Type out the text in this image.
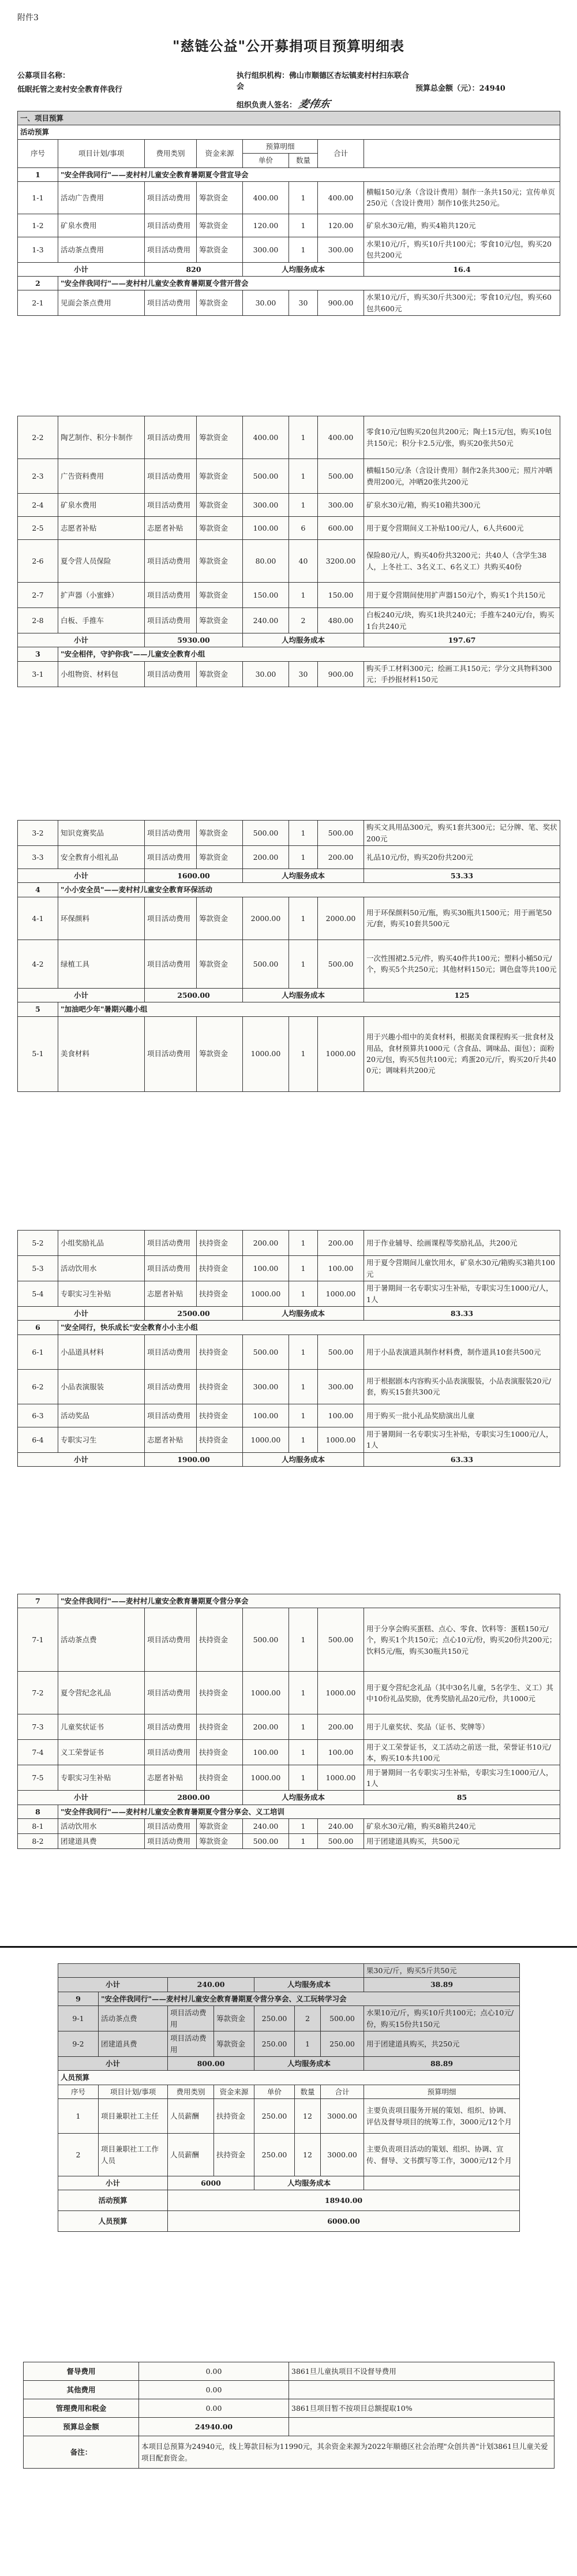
附件3
"慈链公益"公开募捐项目预算明细表
公募项目名称：
低眠托管之麦村安全教育伴我行
执行组织机构：佛山市顺德区杏坛镇麦村村扫东联合会
组织负责人签名：麦伟东
预算总金额（元）：24940
一、项目预算							
活动预算							
序号	项目计划/事项	费用类别	资金来源	预算明细		合计	
				单价	数量		
1	"安全伴我同行"——麦村村儿童安全教育暑期夏令营宣导会						
1-1	活动广告费用	项目活动费用	筹款资金	400.00	1	400.00	横幅150元/条（含设计费用）制作一条共150元；宣传单页250元（含设计费用）制作10张共250元。
1-2	矿泉水费用	项目活动费用	筹款资金	120.00	1	120.00	矿泉水30元/箱，购买4箱共120元
1-3	活动茶点费用	项目活动费用	筹款资金	300.00	1	300.00	水果10元/斤，购买10斤共100元；零食10元/包，购买20包共200元
小计		820		人均服务成本			16.4
2	"安全伴我同行"——麦村村儿童安全教育暑期夏令营开营会						
2-1	见面会茶点费用	项目活动费用	筹款资金	30.00	30	900.00	水果10元/斤，购买30斤共300元；零食10元/包，购买60包共600元
2-2	陶艺制作、积分卡制作	项目活动费用	筹款资金	400.00	1	400.00	零食10元/包购买20包共200元；陶土15元/包，购买10包共150元；积分卡2.5元/张，购买20张共50元
2-3	广告资料费用	项目活动费用	筹款资金	500.00	1	500.00	横幅150元/条（含设计费用）制作2条共300元；照片冲晒费用200元，冲晒20张共200元
2-4	矿泉水费用	项目活动费用	筹款资金	300.00	1	300.00	矿泉水30元/箱，购买10箱共300元
2-5	志愿者补贴	志愿者补贴	筹款资金	100.00	6	600.00	用于夏令营期间义工补贴100元/人，6人共600元
2-6	夏令营人员保险	项目活动费用	筹款资金	80.00	40	3200.00	保险80元/人，购买40份共3200元；共40人（含学生38人，上冬社工、3名义工、6名义工）共购买40份
2-7	扩声器（小蜜蜂）	项目活动费用	筹款资金	150.00	1	150.00	用于夏令营期间使用扩声器150元/个，购买1个共150元
2-8	白板、手推车	项目活动费用	筹款资金	240.00	2	480.00	白板240元/块，购买1块共240元；手推车240元/台，购买1台共240元
小计		5930.00		人均服务成本			197.67
3	"安全相伴，守护你我"——儿童安全教育小组						
3-1	小组物资、材料包	项目活动费用	筹款资金	30.00	30	900.00	购买手工材料300元；绘画工具150元；学分文具物料300元；手抄报材料150元
3-2	知识竞赛奖品	项目活动费用	筹款资金	500.00	1	500.00	购买文具用品300元，购买1套共300元；记分牌、笔、奖状200元
3-3	安全教育小组礼品	项目活动费用	筹款资金	200.00	1	200.00	礼品10元/份，购买20份共200元
小计		1600.00		人均服务成本			53.33
4	"小小安全员"——麦村村儿童安全教育环保活动						
4-1	环保颜料	项目活动费用	筹款资金	2000.00	1	2000.00	用于环保颜料50元/瓶，购买30瓶共1500元；用于画笔50元/套，购买10套共500元
4-2	绿植工具	项目活动费用	筹款资金	500.00	1	500.00	一次性围裙2.5元/件，购买40件共100元；塑料小桶50元/个，购买5个共250元；其他材料150元；调色盘等共100元
小计		2500.00		人均服务成本			125
5	"加油吧少年"暑期兴趣小组						
5-1	美食材料	项目活动费用	筹款资金	1000.00	1	1000.00	用于兴趣小组中的美食材料，根据美食课程购买一批食材及用品，食材预算共1000元（含食品、调味品、面包）；面粉20元/包，购买5包共100元；鸡蛋20元/斤，购买20斤共400元；调味料共200元
5-2	小组奖励礼品	项目活动费用	扶持资金	200.00	1	200.00	用于作业辅导、绘画课程等奖励礼品，共200元
5-3	活动饮用水	项目活动费用	扶持资金	100.00	1	100.00	用于夏令营期间儿童饮用水，矿泉水30元/箱购买3箱共100元
5-4	专职实习生补贴	志愿者补贴	扶持资金	1000.00	1	1000.00	用于暑期间一名专职实习生补贴，专职实习生1000元/人，1人
小计		2500.00		人均服务成本			83.33
6	"安全同行，快乐成长"安全教育小小主小组						
6-1	小品道具材料	项目活动费用	扶持资金	500.00	1	500.00	用于小品表演道具制作材料费，制作道具10套共500元
6-2	小品表演服装	项目活动费用	扶持资金	300.00	1	300.00	用于根据剧本内容购买小品表演服装，小品表演服装20元/套，购买15套共300元
6-3	活动奖品	项目活动费用	扶持资金	100.00	1	100.00	用于购买一批小礼品奖励演出儿童
6-4	专职实习生	志愿者补贴	扶持资金	1000.00	1	1000.00	用于暑期间一名专职实习生补贴，专职实习生1000元/人，1人
小计		1900.00		人均服务成本			63.33
7	"安全伴我同行"——麦村村儿童安全教育暑期夏令营分享会						
7-1	活动茶点费	项目活动费用	扶持资金	500.00	1	500.00	用于分享会购买蛋糕、点心、零食、饮料等：蛋糕150元/个，购买1个共150元；点心10元/份，购买20份共200元；饮料5元/瓶，购买30瓶共150元
7-2	夏令营纪念礼品	项目活动费用	扶持资金	1000.00	1	1000.00	用于夏令营纪念礼品（其中30名儿童，5名学生、义工）其中10份礼品奖励，优秀奖励礼品20元/份，共1000元
7-3	儿童奖状证书	项目活动费用	扶持资金	200.00	1	200.00	用于儿童奖状、奖品（证书、奖牌等）
7-4	义工荣誉证书	项目活动费用	扶持资金	100.00	1	100.00	用于义工荣誉证书，义工活动之前送一批，荣誉证书10元/本，购买10本共100元
7-5	专职实习生补贴	志愿者补贴	扶持资金	1000.00	1	1000.00	用于暑期间一名专职实习生补贴，专职实习生1000元/人，1人
小计		2800.00		人均服务成本			85
8	"安全伴我同行"——麦村村儿童安全教育暑期夏令营分享会、义工培训						
8-1	活动饮用水	项目活动费用	筹款资金	240.00	1	240.00	矿泉水30元/箱，购买8箱共240元
8-2	团建道具费	项目活动费用	筹款资金	500.00	1	500.00	用于团建道具购买，共500元
							果30元/斤，购买5斤共50元
小计		240.00		人均服务成本			38.89
9	"安全伴我同行"——麦村村儿童安全教育暑期夏令营分享会、义工玩转学习会						
9-1	活动茶点费	项目活动费用	筹款资金	250.00	2	500.00	水果10元/斤，购买10斤共100元；点心10元/份，购买15份共150元
9-2	团建道具费	项目活动费用	筹款资金	250.00	1	250.00	用于团建道具购买，共250元
小计		800.00		人均服务成本			88.89
人员预算							
序号	项目计划/事项	费用类别	资金来源	单价	数量	合计	预算明细
1	项目兼职社工主任	人员薪酬	扶持资金	250.00	12	3000.00	主要负责项目服务开展的策划、组织、协调、评估及督导项目的统筹工作，3000元/12个月
2	项目兼职社工工作人员	人员薪酬	扶持资金	250.00	12	3000.00	主要负责项目活动的策划、组织、协调、宣传、督导、文书撰写等工作，3000元/12个月
小计		6000		人均服务成本			
活动预算		18940.00					
人员预算		6000.00					
督导费用	0.00	3861旦儿童执项目不设督导费用
其他费用	0.00	
管理费用和税金	0.00	3861旦项目暂不按项目总额提取10%
预算总金额	24940.00	
备注：	本项目总预算为24940元，线上筹款目标为11990元，其余资金来源为2022年顺德区社会治理"众创共善"计划3861旦儿童关爱项目配套资金。	
